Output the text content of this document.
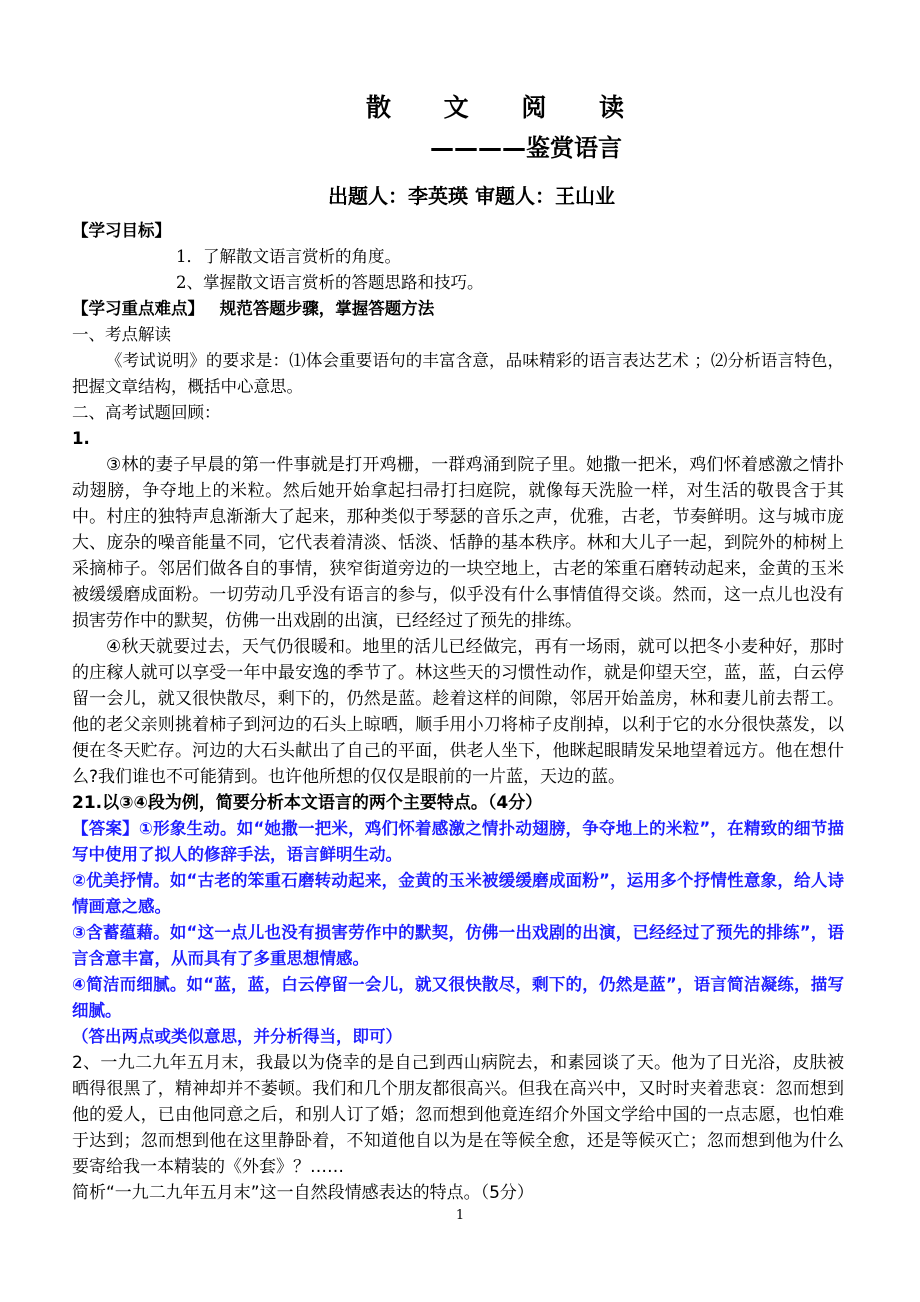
散 文 阅 读
————鉴赏语言
出题人：李英瑛 审题人：王山业

【学习目标】

1．了解散文语言赏析的角度。

2、掌握散文语言赏析的答题思路和技巧。

【学习重点难点】 规范答题步骤，掌握答题方法

一、考点解读

《考试说明》的要求是：⑴体会重要语句的丰富含意，品味精彩的语言表达艺术 ；⑵分析语言特色，把握文章结构，概括中心意思。

二、高考试题回顾：

1.

③林的妻子早晨的第一件事就是打开鸡栅，一群鸡涌到院子里。她撒一把米，鸡们怀着感激之情扑动翅膀，争夺地上的米粒。然后她开始拿起扫帚打扫庭院，就像每天洗脸一样，对生活的敬畏含于其中。村庄的独特声息渐渐大了起来，那种类似于琴瑟的音乐之声，优雅，古老，节奏鲜明。这与城市庞大、庞杂的噪音能量不同，它代表着清淡、恬淡、恬静的基本秩序。林和大儿子一起，到院外的柿树上采摘柿子。邻居们做各自的事情，狭窄街道旁边的一块空地上，古老的笨重石磨转动起来，金黄的玉米被缓缓磨成面粉。一切劳动几乎没有语言的参与，似乎没有什么事情值得交谈。然而，这一点儿也没有损害劳作中的默契，仿佛一出戏剧的出演，已经经过了预先的排练。

④秋天就要过去，天气仍很暖和。地里的活儿已经做完，再有一场雨，就可以把冬小麦种好，那时的庄稼人就可以享受一年中最安逸的季节了。林这些天的习惯性动作，就是仰望天空，蓝，蓝，白云停留一会儿，就又很快散尽，剩下的，仍然是蓝。趁着这样的间隙，邻居开始盖房，林和妻儿前去帮工。他的老父亲则挑着柿子到河边的石头上晾晒，顺手用小刀将柿子皮削掉，以利于它的水分很快蒸发，以便在冬天贮存。河边的大石头献出了自己的平面，供老人坐下，他眯起眼睛发呆地望着远方。他在想什么?我们谁也不可能猜到。也许他所想的仅仅是眼前的一片蓝，天边的蓝。

21.以③④段为例，简要分析本文语言的两个主要特点。（4分）

【答案】①形象生动。如“她撒一把米，鸡们怀着感激之情扑动翅膀，争夺地上的米粒”，在精致的细节描写中使用了拟人的修辞手法，语言鲜明生动。

②优美抒情。如“古老的笨重石磨转动起来，金黄的玉米被缓缓磨成面粉”，运用多个抒情性意象，给人诗情画意之感。

③含蓄蕴藉。如“这一点儿也没有损害劳作中的默契，仿佛一出戏剧的出演，已经经过了预先的排练”，语言含意丰富，从而具有了多重思想情感。

④简洁而细腻。如“蓝，蓝，白云停留一会儿，就又很快散尽，剩下的，仍然是蓝”，语言简洁凝练，描写细腻。

（答出两点或类似意思，并分析得当，即可）

2、一九二九年五月末，我最以为侥幸的是自己到西山病院去，和素园谈了天。他为了日光浴，皮肤被晒得很黑了，精神却并不萎顿。我们和几个朋友都很高兴。但我在高兴中，又时时夹着悲哀：忽而想到他的爱人，已由他同意之后，和别人订了婚；忽而想到他竟连绍介外国文学给中国的一点志愿，也怕难于达到；忽而想到他在这里静卧着，不知道他自以为是在等候全愈，还是等候灭亡；忽而想到他为什么要寄给我一本精装的《外套》？……

简析“一九二九年五月末”这一自然段情感表达的特点。（5分）

1
